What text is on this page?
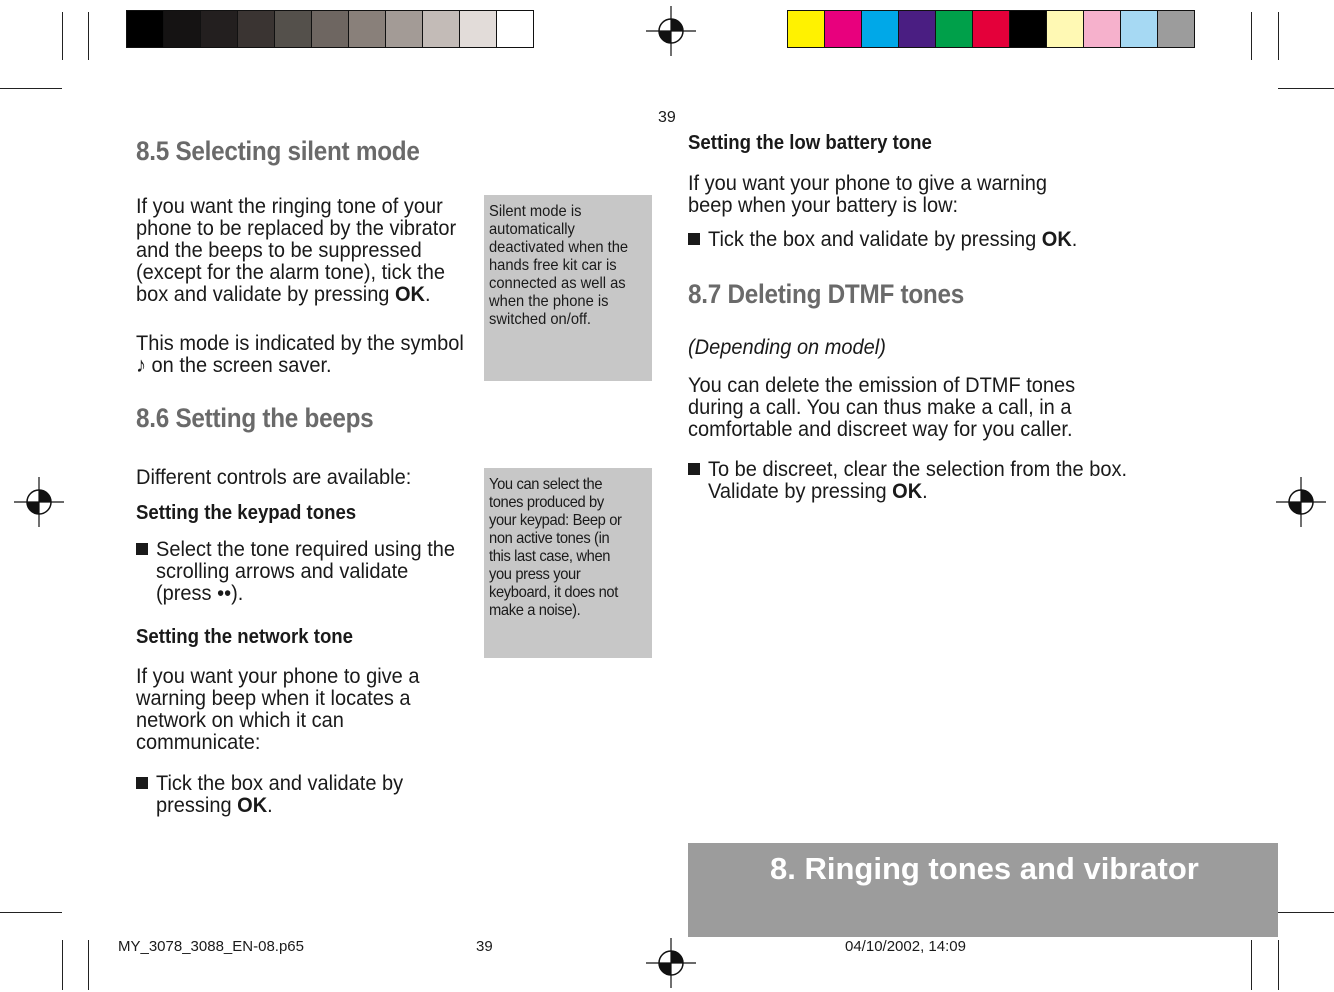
39
8.5 Selecting silent mode

If you want the ringing tone of your phone to be replaced by the vibrator and the beeps to be suppressed (except for the alarm tone), tick the box and validate by pressing OK.

This mode is indicated by the symbol ♪ on the screen saver.

8.6 Setting the beeps

Different controls are available:

Setting the keypad tones
Select the tone required using the scrolling arrows and validate (press ••).
Setting the network tone

If you want your phone to give a warning beep when it locates a network on which it can communicate:

Tick the box and validate by pressing OK.
Silent mode is automatically deactivated when the hands free kit car is connected as well as when the phone is switched on/off.
You can select the tones produced by your keypad: Beep or non active tones (in this last case, when you press your keyboard, it does not make a noise).
Setting the low battery tone

If you want your phone to give a warning beep when your battery is low:

Tick the box and validate by pressing OK.
8.7 Deleting DTMF tones

(Depending on model)

You can delete the emission of DTMF tones during a call. You can thus make a call, in a comfortable and discreet way for you caller.

To be discreet, clear the selection from the box. Validate by pressing OK.
8. Ringing tones and vibrator
MY_3078_3088_EN-08.p65	39	04/10/2002, 14:09
